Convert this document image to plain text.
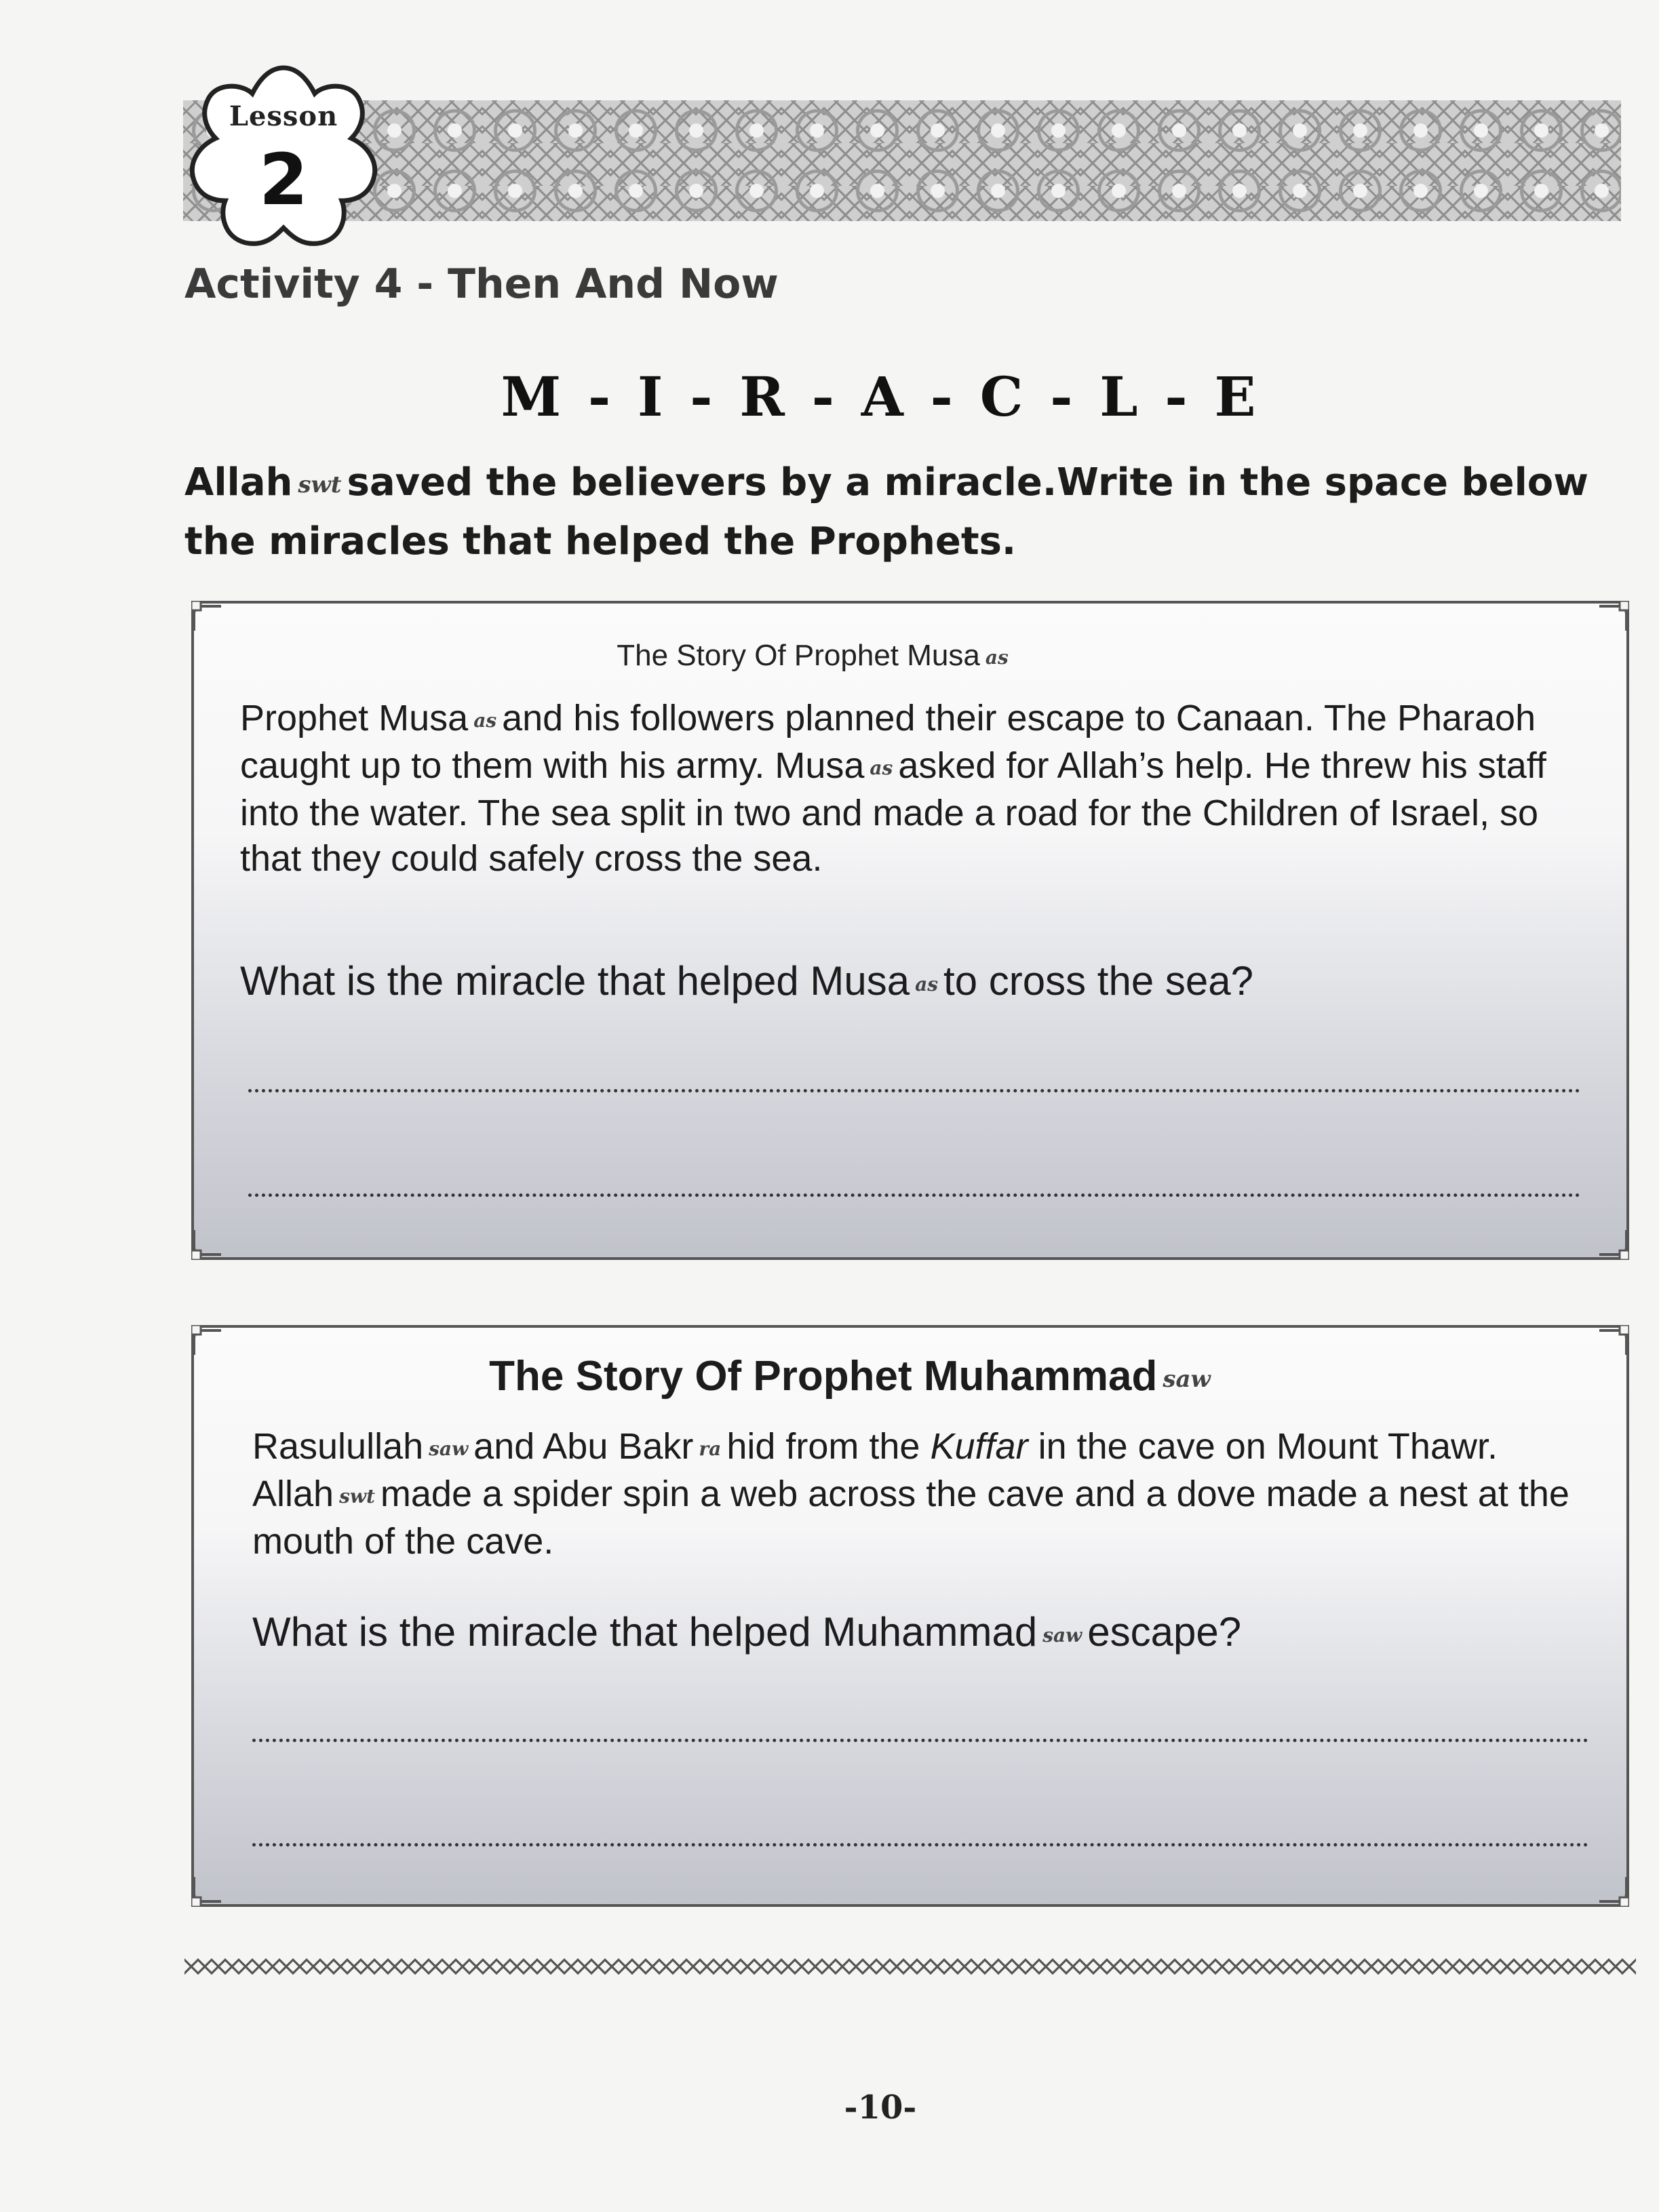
Lesson
2
Activity 4 - Then And Now
M - I - R - A - C - L - E
Allah swt saved the believers by a miracle.Write in the space below the miracles that helped the Prophets.
The Story Of Prophet Musa as
Prophet Musa as and his followers planned their escape to Canaan. The Pharaoh caught up to them with his army. Musa as asked for Allah’s help. He threw his staff into the water. The sea split in two and made a road for the Children of Israel, so that they could safely cross the sea.
What is the miracle that helped Musa as to cross the sea?
The Story Of Prophet Muhammad saw
Rasulullah saw and Abu Bakr ra hid from the Kuffar in the cave on Mount Thawr. Allah swt made a spider spin a web across the cave and a dove made a nest at the mouth of the cave.
What is the miracle that helped Muhammad saw escape?
-10-
